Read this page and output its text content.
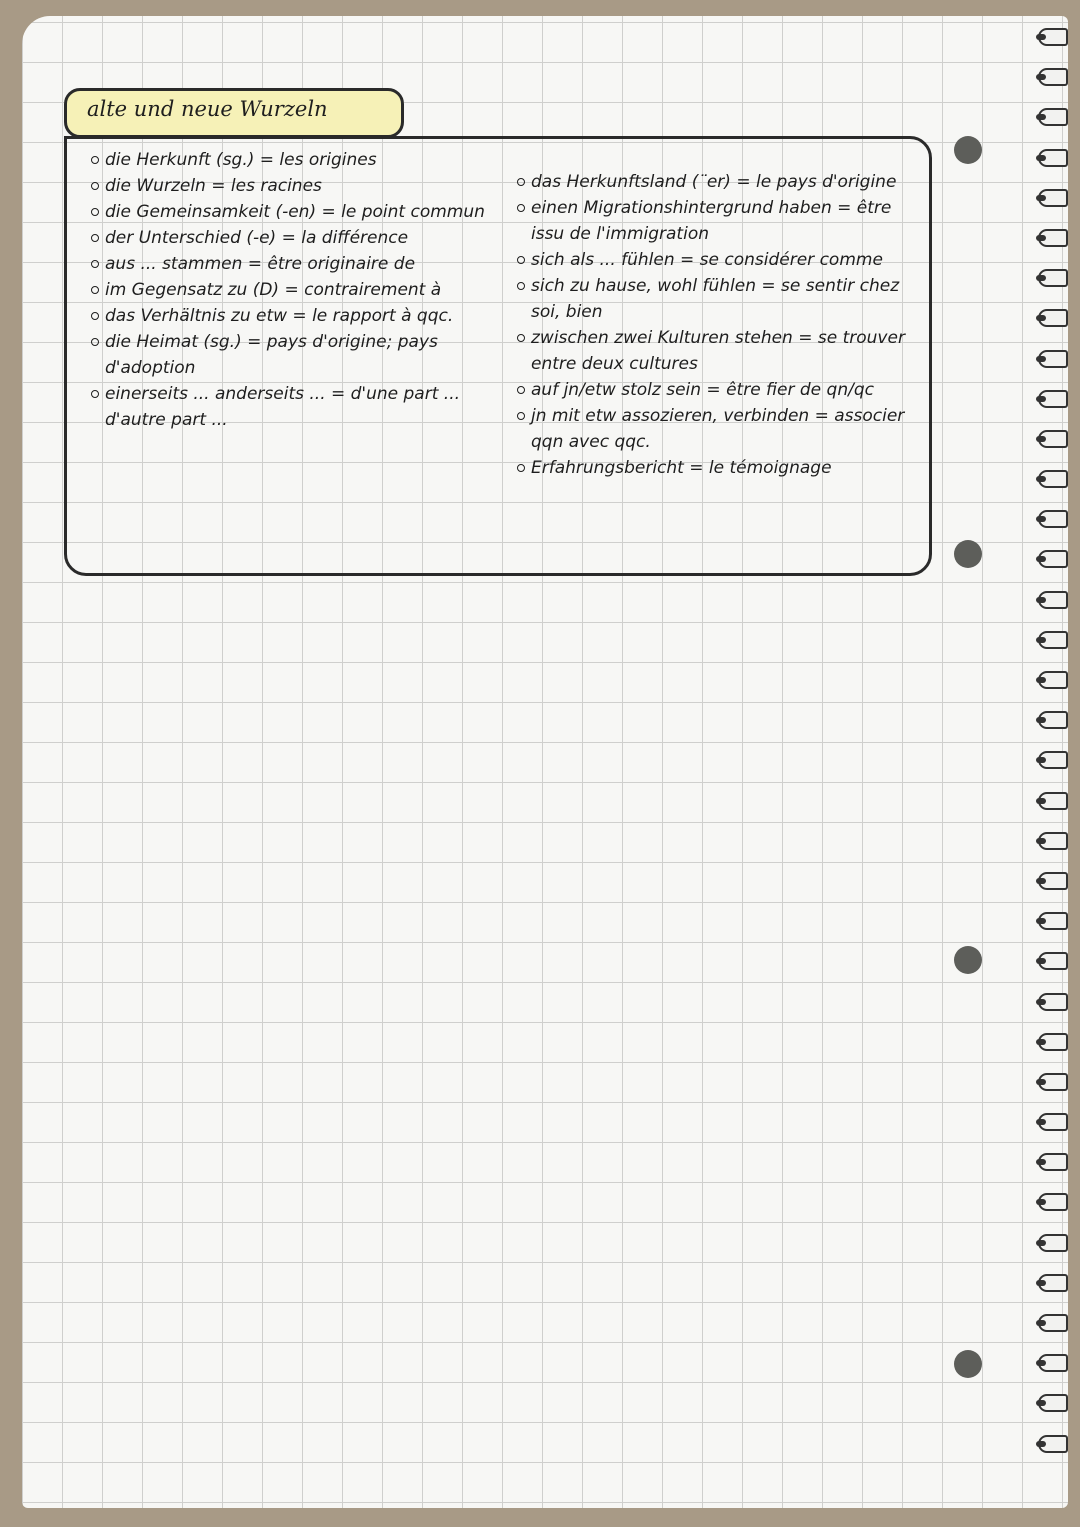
alte und neue Wurzeln
die Herkunft (sg.) = les origines
die Wurzeln = les racines
die Gemeinsamkeit (-en) = le point commun
der Unterschied (-e) = la différence
aus ... stammen = être originaire de
im Gegensatz zu (D) = contrairement à
das Verhältnis zu etw = le rapport à qqc.
die Heimat (sg.) = pays d'origine; pays d'adoption
einerseits ... anderseits ... = d'une part ... d'autre part ...
das Herkunftsland (¨er) = le pays d'origine
einen Migrationshintergrund haben = être issu de l'immigration
sich als ... fühlen = se considérer comme
sich zu hause, wohl fühlen = se sentir chez soi, bien
zwischen zwei Kulturen stehen = se trouver entre deux cultures
auf jn/etw stolz sein = être fier de qn/qc
jn mit etw assozieren, verbinden = associer qqn avec qqc.
Erfahrungsbericht = le témoignage
